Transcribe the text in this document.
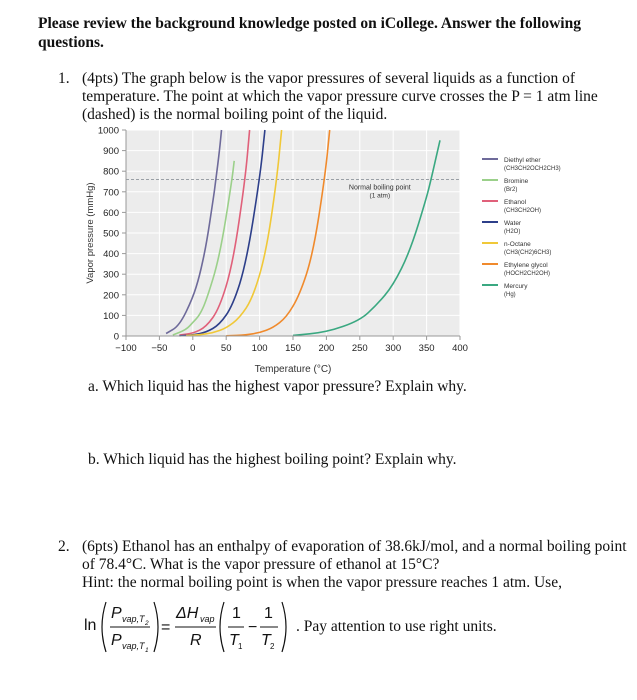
Please review the background knowledge posted on iCollege. Answer the following questions.
1. (4pts) The graph below is the vapor pressures of several liquids as a function of temperature. The point at which the vapor pressure curve crosses the P = 1 atm line (dashed) is the normal boiling point of the liquid.
Normal boiling point
(1 atm)
−100 −50 0	50 100 150 200 250 300 350 400
0
100
200
300
400
500
600
700
800
900
1000
Temperature (°C)
Vapor pressure (mmHg)
Diethyl ether
(CH3CH2OCH2CH3)
Bromine
(Br2)
Ethanol
(CH3CH2OH)
Water
(H2O)
n-Octane
(CH3(CH2)6CH3)
Ethylene glycol
(HOCH2CH2OH)
Mercury
(Hg)
a. Which liquid has the highest vapor pressure? Explain why.
b. Which liquid has the highest boiling point? Explain why.
2. (6pts) Ethanol has an enthalpy of evaporation of 38.6kJ/mol, and a normal boiling point of 78.4°C. What is the vapor pressure of ethanol at 15°C?
Hint: the normal boiling point is when the vapor pressure reaches 1 atm. Use,
ln
P vap,T 2
P vap,T 1
=
ΔH vap
R
1
T 1
−
1
T 2
. Pay attention to use right units.
